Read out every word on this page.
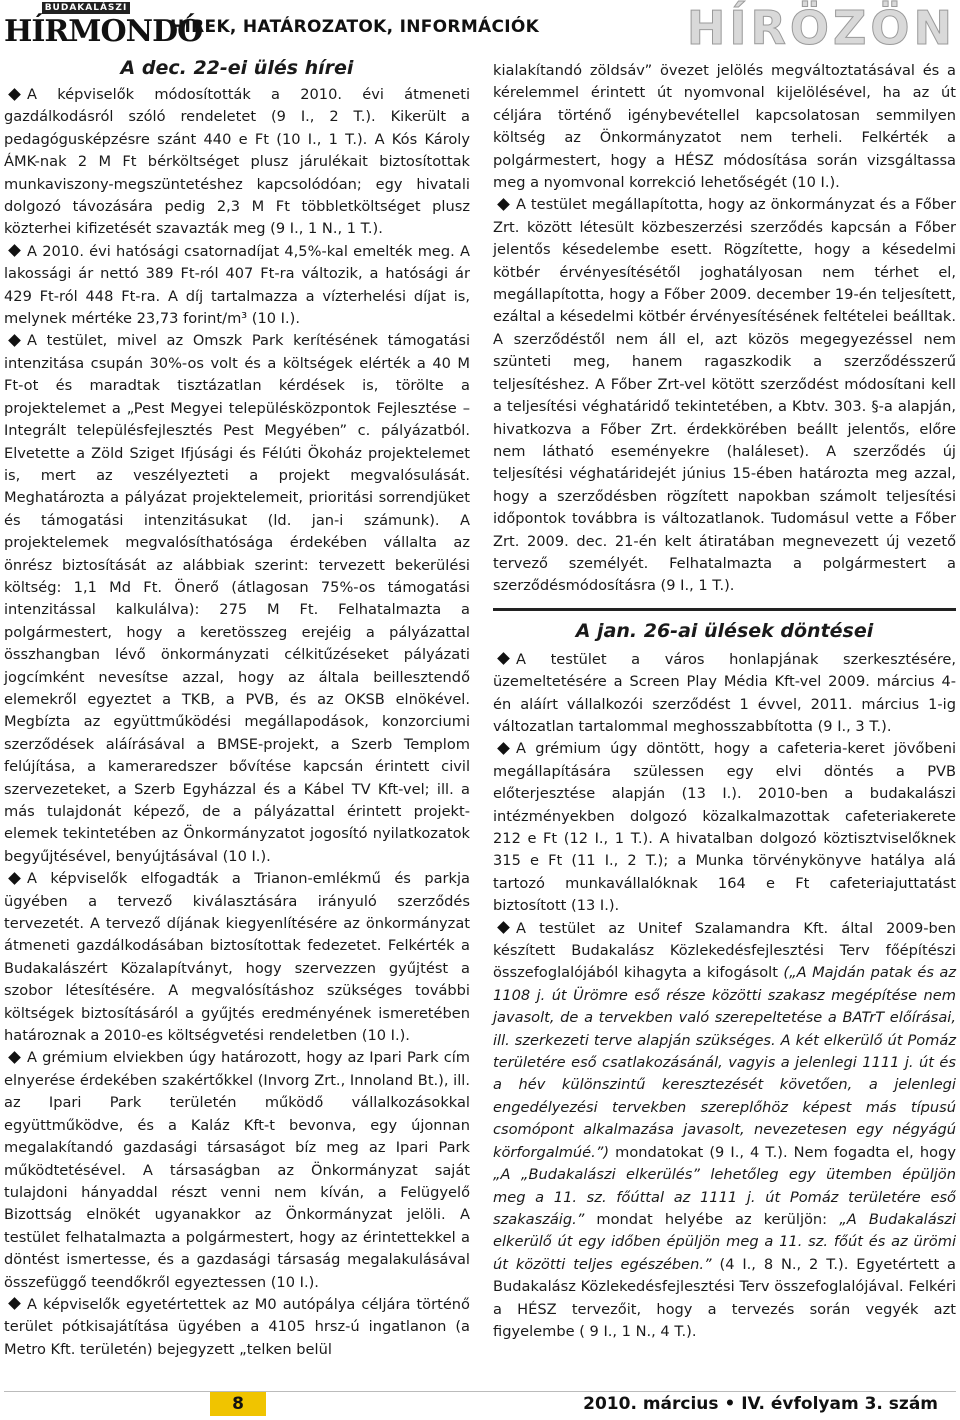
BUDAKALÁSZI
HÍRMONDÓ
HÍREK, HATÁROZATOK, INFORMÁCIÓK	HÍRÖZÖN
A dec. 22-ei ülés hírei

A képviselők módosították a 2010. évi átmeneti gazdálkodásról szóló rendeletet (9 I., 2 T.). Kikerült a pedagógusképzésre szánt 440 e Ft (10 I., 1 T.). A Kós Károly ÁMK-nak 2 M Ft bérköltséget plusz járulékait biztosítottak munkaviszony-megszüntetéshez kapcsolódóan; egy hivatali dolgozó távozására pedig 2,3 M Ft többletköltséget plusz közterhei kifizetését szavazták meg (9 I., 1 N., 1 T.).

A 2010. évi hatósági csatornadíjat 4,5%-kal emelték meg. A lakossági ár nettó 389 Ft-ról 407 Ft-ra változik, a hatósági ár 429 Ft-ról 448 Ft-ra. A díj tartalmazza a vízterhelési díjat is, melynek mértéke 23,73 forint/m³ (10 I.).

A testület, mivel az Omszk Park kerítésének támogatási intenzitása csupán 30%-os volt és a költségek elérték a 40 M Ft-ot és maradtak tisztázatlan kérdések is, törölte a projektelemet a „Pest Megyei településközpontok Fejlesztése – Integrált településfejlesztés Pest Megyében” c. pályázatból. Elvetette a Zöld Sziget Ifjúsági és Félúti Ökoház projektelemet is, mert az veszélyezteti a projekt megvalósulását. Meghatározta a pályázat projektelemeit, prioritási sorrendjüket és támogatási intenzitásukat (ld. jan-i számunk). A projektelemek megvalósíthatósága érdekében vállalta az önrész biztosítását az alábbiak szerint: tervezett bekerülési költség: 1,1 Md Ft. Önerő (átlagosan 75%-os támogatási intenzitással kalkulálva): 275 M Ft. Felhatalmazta a polgármestert, hogy a keretösszeg erejéig a pályázattal összhangban lévő önkormányzati célkitűzéseket pályázati jogcímként nevesítse azzal, hogy az általa beillesztendő elemekről egyeztet a TKB, a PVB, és az OKSB elnökével. Megbízta az együttműködési megállapodások, konzorciumi szerződések aláírásával a BMSE-projekt, a Szerb Templom felújítása, a kameraredszer bővítése kapcsán érintett civil szervezeteket, a Szerb Egyházzal és a Kábel TV Kft-vel; ill. a más tulajdonát képező, de a pályázattal érintett projekt-elemek tekintetében az Önkormányzatot jogosító nyilatkozatok begyűjtésével, benyújtásával (10 I.).

A képviselők elfogadták a Trianon-emlékmű és parkja ügyében a tervező kiválasztására irányuló szerződés tervezetét. A tervező díjának kiegyenlítésére az önkormányzat átmeneti gazdálkodásában biztosítottak fedezetet. Felkérték a Budakalászért Közalapítványt, hogy szervezzen gyűjtést a szobor létesítésére. A megvalósításhoz szükséges további költségek biztosításáról a gyűjtés eredményének ismeretében határoznak a 2010-es költségvetési rendeletben (10 I.).

A grémium elviekben úgy határozott, hogy az Ipari Park cím elnyerése érdekében szakértőkkel (Invorg Zrt., Innoland Bt.), ill. az Ipari Park területén működő vállalkozásokkal együttműködve, és a Kaláz Kft-t bevonva, egy újonnan megalakítandó gazdasági társaságot bíz meg az Ipari Park működtetésével. A társaságban az Önkormányzat saját tulajdoni hányaddal részt venni nem kíván, a Felügyelő Bizottság elnökét ugyanakkor az Önkormányzat jelöli. A testület felhatalmazta a polgármestert, hogy az érintettekkel a döntést ismertesse, és a gazdasági társaság megalakulásával összefüggő teendőkről egyeztessen (10 I.).

A képviselők egyetértettek az M0 autópálya céljára történő terület pótkisajátítása ügyében a 4105 hrsz-ú ingatlanon (a Metro Kft. területén) bejegyzett „telken belül

kialakítandó zöldsáv” övezet jelölés megváltoztatásával és a kérelemmel érintett út nyomvonal kijelölésével, ha az út céljára történő igénybevétellel kapcsolatosan semmilyen költség az Önkormányzatot nem terheli. Felkérték a polgármestert, hogy a HÉSZ módosítása során vizsgáltassa meg a nyomvonal korrekció lehetőségét (10 I.).

A testület megállapította, hogy az önkormányzat és a Főber Zrt. között létesült közbeszerzési szerződés kapcsán a Főber jelentős késedelembe esett. Rögzítette, hogy a késedelmi kötbér érvényesítésétől joghatályosan nem térhet el, megállapította, hogy a Főber 2009. december 19-én teljesített, ezáltal a késedelmi kötbér érvényesítésének feltételei beálltak. A szerződéstől nem áll el, azt közös megegyezéssel nem szünteti meg, hanem ragaszkodik a szerződésszerű teljesítéshez. A Főber Zrt-vel kötött szerződést módosítani kell a teljesítési véghatáridő tekintetében, a Kbtv. 303. §-a alapján, hivatkozva a Főber Zrt. érdekkörében beállt jelentős, előre nem látható eseményekre (haláleset). A szerződés új teljesítési véghatáridejét június 15-ében határozta meg azzal, hogy a szerződésben rögzített napokban számolt teljesítési időpontok továbbra is változatlanok. Tudomásul vette a Főber Zrt. 2009. dec. 21-én kelt átiratában megnevezett új vezető tervező személyét. Felhatalmazta a polgármestert a szerződésmódosításra (9 I., 1 T.).

A jan. 26-ai ülések döntései

A testület a város honlapjának szerkesztésére, üzemeltetésére a Screen Play Média Kft-vel 2009. március 4-én aláírt vállalkozói szerződést 1 évvel, 2011. március 1-ig változatlan tartalommal meghosszabbította (9 I., 3 T.).

A grémium úgy döntött, hogy a cafeteria-keret jövőbeni megállapítására szülessen egy elvi döntés a PVB előterjesztése alapján (13 I.). 2010-ben a budakalászi intézményekben dolgozó közalkalmazottak cafeteriakerete 212 e Ft (12 I., 1 T.). A hivatalban dolgozó köztisztviselőknek 315 e Ft (11 I., 2 T.); a Munka törvénykönyve hatálya alá tartozó munkavállalóknak 164 e Ft cafeteriajuttatást biztosított (13 I.).

A testület az Unitef Szalamandra Kft. által 2009-ben készített Budakalász Közlekedésfejlesztési Terv főépítészi összefoglalójából kihagyta a kifogásolt („A Majdán patak és az 1108 j. út Ürömre eső része közötti szakasz megépítése nem javasolt, de a tervekben való szerepeltetése a BATrT előírásai, ill. szerkezeti terve alapján szükséges. A két elkerülő út Pomáz területére eső csatlakozásánál, vagyis a jelenlegi 1111 j. út és a hév különszintű keresztezését követően, a jelenlegi engedélyezési tervekben szereplőhöz képest más típusú csomópont alkalmazása javasolt, nevezetesen egy négyágú körforgalmúé.”) mondatokat (9 I., 4 T.). Nem fogadta el, hogy „A „Budakalászi elkerülés” lehetőleg egy ütemben épüljön meg a 11. sz. főúttal az 1111 j. út Pomáz területére eső szakaszáig.” mondat helyébe az kerüljön: „A Budakalászi elkerülő út egy időben épüljön meg a 11. sz. főút és az ürömi út közötti teljes egészében.” (4 I., 8 N., 2 T.). Egyetértett a Budakalász Közlekedésfejlesztési Terv összefoglalójával. Felkéri a HÉSZ tervezőit, hogy a tervezés során vegyék azt figyelembe ( 9 I., 1 N., 4 T.).

8	2010. március • IV. évfolyam 3. szám
